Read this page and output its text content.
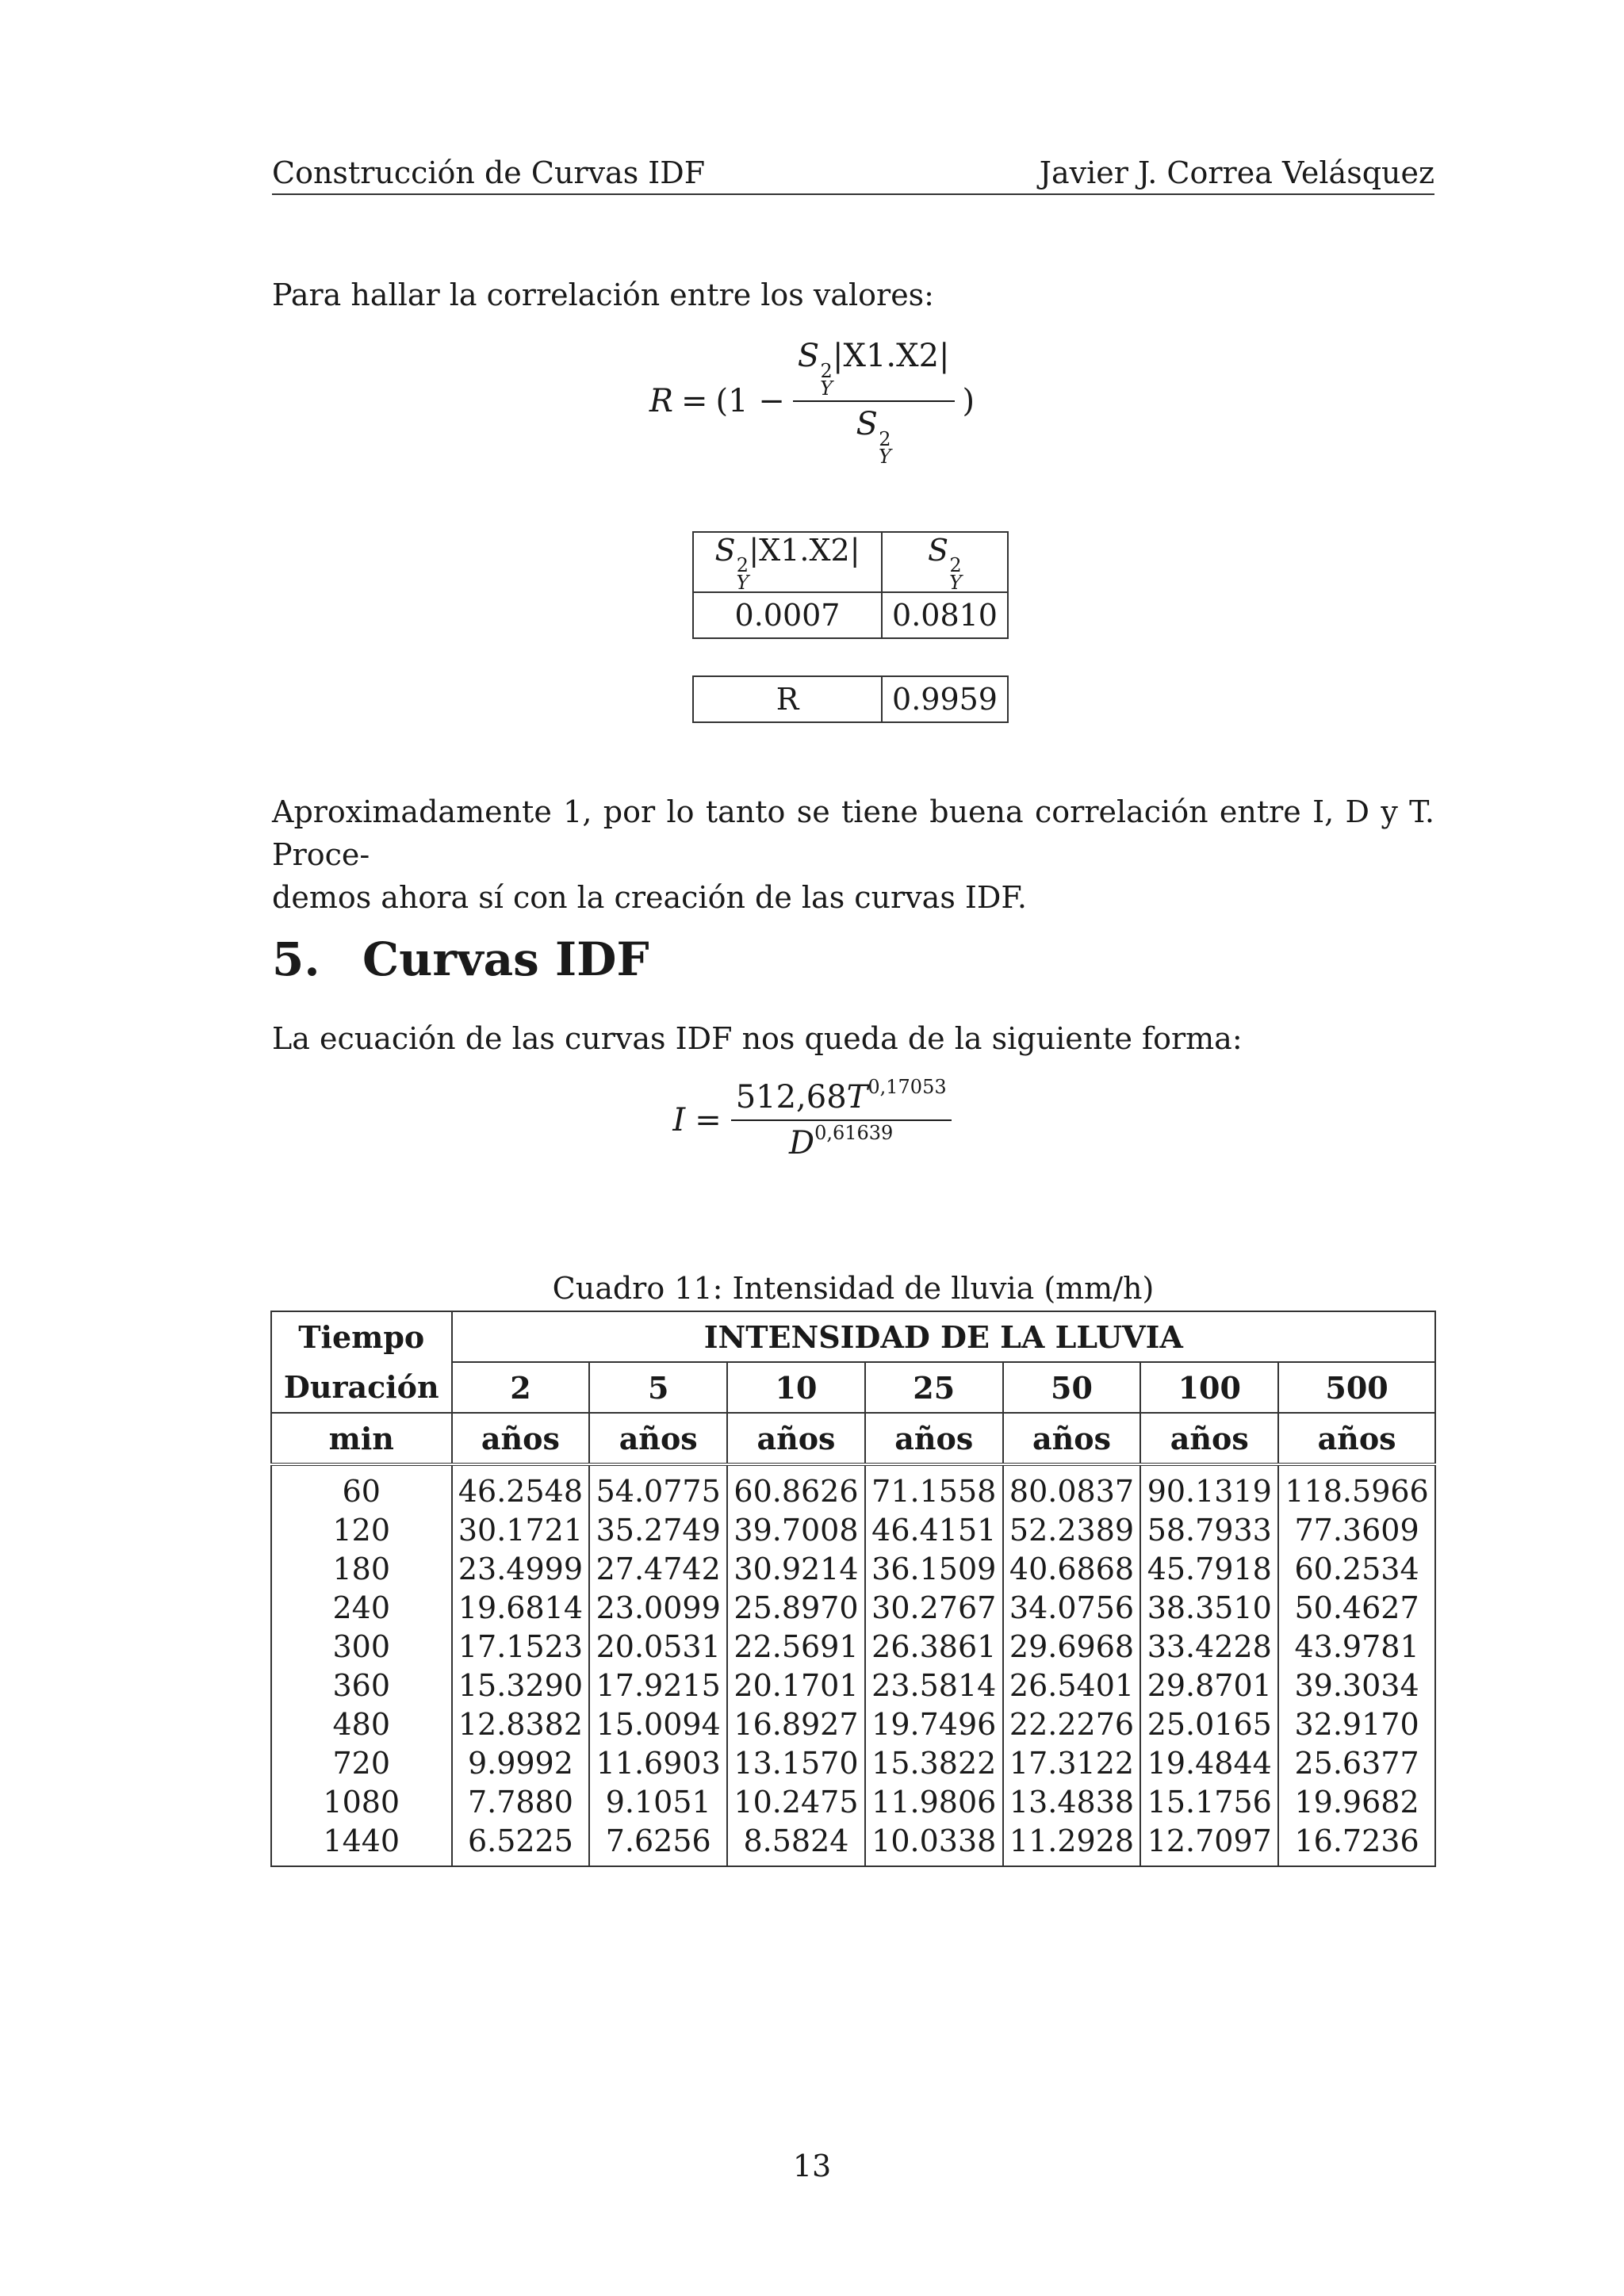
Construcción de Curvas IDF	Javier J. Correa Velásquez
Para hallar la correlación entre los valores:
R = (1 − S 2
Y
|X1.X2|
S 2
Y )
S 2
Y
|X1.X2|	S 2
Y

0.0007	0.0810
R	0.9959
Aproximadamente 1, por lo tanto se tiene buena correlación entre I, D y T. Proce-
demos ahora sí con la creación de las curvas IDF.
5. Curvas IDF
La ecuación de las curvas IDF nos queda de la siguiente forma:
$I = \frac{512,68T^{0,17053}}{D^{0,61639}}$
Cuadro 11: Intensidad de lluvia (mm/h)
Tiempo	INTENSIDAD DE LA LLUVIA						
Duración	2	5	10	25	50	100	500
min	años	años	años	años	años	años	años

60	46.2548	54.0775	60.8626	71.1558	80.0837	90.1319	118.5966
120	30.1721	35.2749	39.7008	46.4151	52.2389	58.7933	77.3609
180	23.4999	27.4742	30.9214	36.1509	40.6868	45.7918	60.2534
240	19.6814	23.0099	25.8970	30.2767	34.0756	38.3510	50.4627
300	17.1523	20.0531	22.5691	26.3861	29.6968	33.4228	43.9781
360	15.3290	17.9215	20.1701	23.5814	26.5401	29.8701	39.3034
480	12.8382	15.0094	16.8927	19.7496	22.2276	25.0165	32.9170
720	9.9992	11.6903	13.1570	15.3822	17.3122	19.4844	25.6377
1080	7.7880	9.1051	10.2475	11.9806	13.4838	15.1756	19.9682
1440	6.5225	7.6256	8.5824	10.0338	11.2928	12.7097	16.7236
13
